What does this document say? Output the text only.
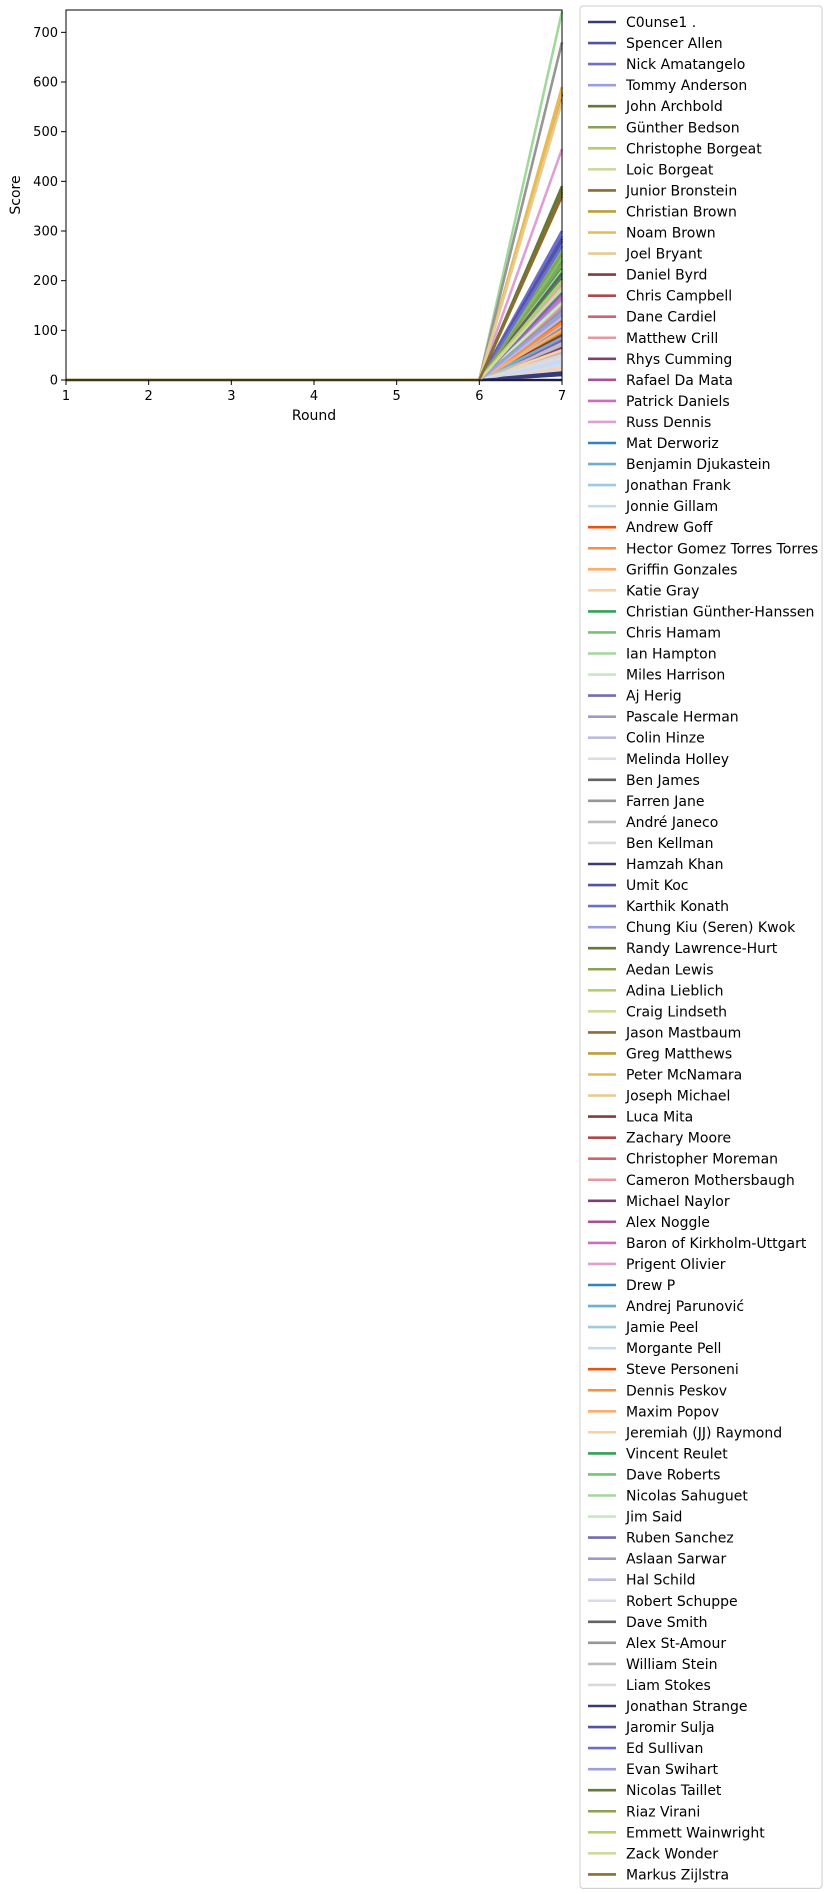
1	2	3	4	5	6	7
0
100
200
300
400
500
600
700
Round
Score
C0unse1 .
Spencer Allen
Nick Amatangelo
Tommy Anderson
John Archbold
Günther Bedson
Christophe Borgeat
Loic Borgeat
Junior Bronstein
Christian Brown
Noam Brown
Joel Bryant
Daniel Byrd
Chris Campbell
Dane Cardiel
Matthew Crill
Rhys Cumming
Rafael Da Mata
Patrick Daniels
Russ Dennis
Mat Derworiz
Benjamin Djukastein
Jonathan Frank
Jonnie Gillam
Andrew Goff
Hector Gomez Torres Torres
Griffin Gonzales
Katie Gray
Christian Günther-Hanssen
Chris Hamam
Ian Hampton
Miles Harrison
Aj Herig
Pascale Herman
Colin Hinze
Melinda Holley
Ben James
Farren Jane
André Janeco
Ben Kellman
Hamzah Khan
Umit Koc
Karthik Konath
Chung Kiu (Seren) Kwok
Randy Lawrence-Hurt
Aedan Lewis
Adina Lieblich
Craig Lindseth
Jason Mastbaum
Greg Matthews
Peter McNamara
Joseph Michael
Luca Mita
Zachary Moore
Christopher Moreman
Cameron Mothersbaugh
Michael Naylor
Alex Noggle
Baron of Kirkholm-Uttgart
Prigent Olivier
Drew P
Andrej Parunović
Jamie Peel
Morgante Pell
Steve Personeni
Dennis Peskov
Maxim Popov
Jeremiah (JJ) Raymond
Vincent Reulet
Dave Roberts
Nicolas Sahuguet
Jim Said
Ruben Sanchez
Aslaan Sarwar
Hal Schild
Robert Schuppe
Dave Smith
Alex St-Amour
William Stein
Liam Stokes
Jonathan Strange
Jaromir Sulja
Ed Sullivan
Evan Swihart
Nicolas Taillet
Riaz Virani
Emmett Wainwright
Zack Wonder
Markus Zijlstra
